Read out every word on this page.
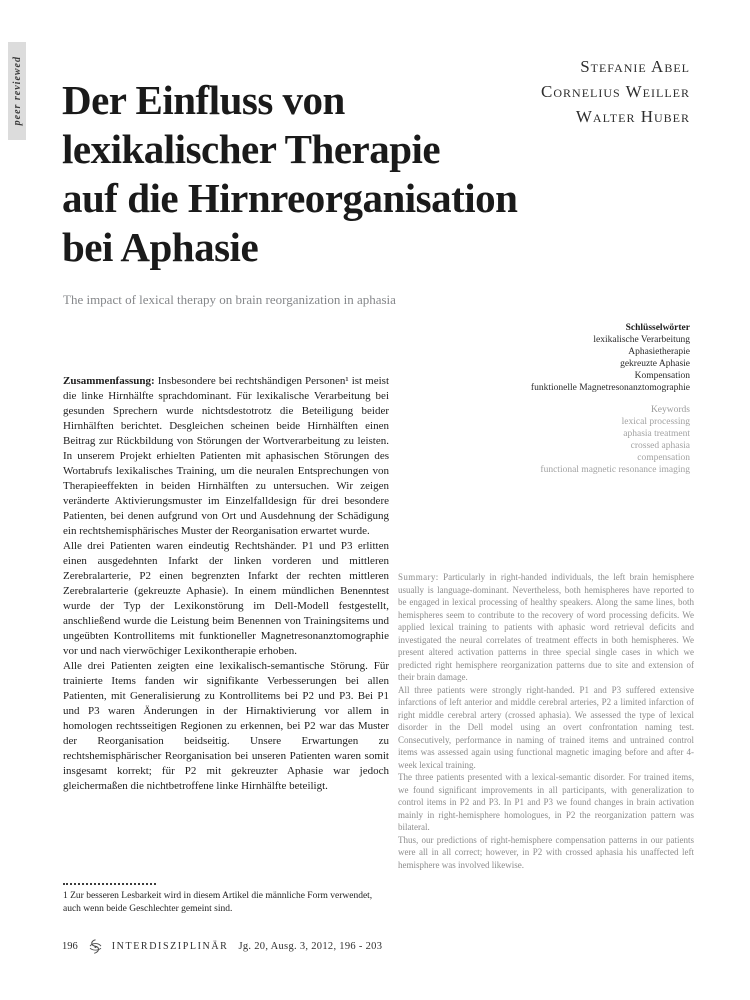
peer reviewed	Stefanie Abel
Cornelius Weiller
Walter Huber
Der Einfluss von
lexikalischer Therapie
auf die Hirnreorganisation
bei Aphasie
The impact of lexical therapy on brain reorganization in aphasia
Schlüsselwörter
lexikalische Verarbeitung
Aphasietherapie
gekreuzte Aphasie
Kompensation
funktionelle Magnetresonanztomographie
Keywords
lexical processing
aphasia treatment
crossed aphasia
compensation
functional magnetic resonance imaging

Zusammenfassung: Insbesondere bei rechtshändigen Personen¹ ist meist die linke Hirnhälfte sprachdominant. Für lexikalische Verarbeitung bei gesunden Sprechern wurde nichtsdestotrotz die Beteiligung beider Hirnhälften berichtet. Desgleichen scheinen beide Hirnhälften einen Beitrag zur Rückbildung von Störungen der Wortverarbeitung zu leisten. In unserem Projekt erhielten Patienten mit aphasischen Störungen des Wortabrufs lexikalisches Training, um die neuralen Entsprechungen von Therapieeffekten in beiden Hirnhälften zu untersuchen. Wir zeigen veränderte Aktivierungsmuster im Einzelfalldesign für drei besondere Patienten, bei denen aufgrund von Ort und Ausdehnung der Schädigung ein rechtshemisphärisches Muster der Reorganisation erwartet wurde.

Alle drei Patienten waren eindeutig Rechtshänder. P1 und P3 erlitten einen ausgedehnten Infarkt der linken vorderen und mittleren Zerebralarterie, P2 einen begrenzten Infarkt der rechten mittleren Zerebralarterie (gekreuzte Aphasie). In einem mündlichen Benenntest wurde der Typ der Lexikonstörung im Dell-Modell festgestellt, anschließend wurde die Leistung beim Benennen von Trainingsitems und ungeübten Kontrollitems mit funktioneller Magnetresonanztomographie vor und nach vierwöchiger Lexikontherapie erhoben.

Alle drei Patienten zeigten eine lexikalisch-semantische Störung. Für trainierte Items fanden wir signifikante Verbesserungen bei allen Patienten, mit Generalisierung zu Kontrollitems bei P2 und P3. Bei P1 und P3 waren Änderungen in der Hirnaktivierung vor allem in homologen rechtsseitigen Regionen zu erkennen, bei P2 war das Muster der Reorganisation beidseitig. Unsere Erwartungen zu rechtshemisphärischer Reorganisation bei unseren Patienten waren somit insgesamt korrekt; für P2 mit gekreuzter Aphasie war jedoch gleichermaßen die nichtbetroffene linke Hirnhälfte beteiligt.

1 Zur besseren Lesbarkeit wird in diesem Artikel die männliche Form verwendet, auch wenn beide Geschlechter gemeint sind.

Summary: Particularly in right-handed individuals, the left brain hemisphere usually is language-dominant. Nevertheless, both hemispheres have reported to be engaged in lexical processing of healthy speakers. Along the same lines, both hemispheres seem to contribute to the recovery of word processing deficits. We applied lexical training to patients with aphasic word retrieval deficits and investigated the neural correlates of treatment effects in both hemispheres. We present altered activation patterns in three special single cases in which we predicted right hemisphere reorganization patterns due to site and extension of their brain damage.

All three patients were strongly right-handed. P1 and P3 suffered extensive infarctions of left anterior and middle cerebral arteries, P2 a limited infarction of right middle cerebral artery (crossed aphasia). We assessed the type of lexical disorder in the Dell model using an overt confrontation naming test. Consecutively, performance in naming of trained items and untrained control items was assessed again using functional magnetic imaging before and after 4-week lexical training.

The three patients presented with a lexical-semantic disorder. For trained items, we found significant improvements in all participants, with generalization to control items in P2 and P3. In P1 and P3 we found changes in brain activation mainly in right-hemisphere homologues, in P2 the reorganization pattern was bilateral.

Thus, our predictions of right-hemisphere compensation patterns in our patients were all in all correct; however, in P2 with crossed aphasia his unaffected left hemisphere was involved likewise.

196	INTERDISZIPLINÄR Jg. 20, Ausg. 3, 2012, 196 - 203
